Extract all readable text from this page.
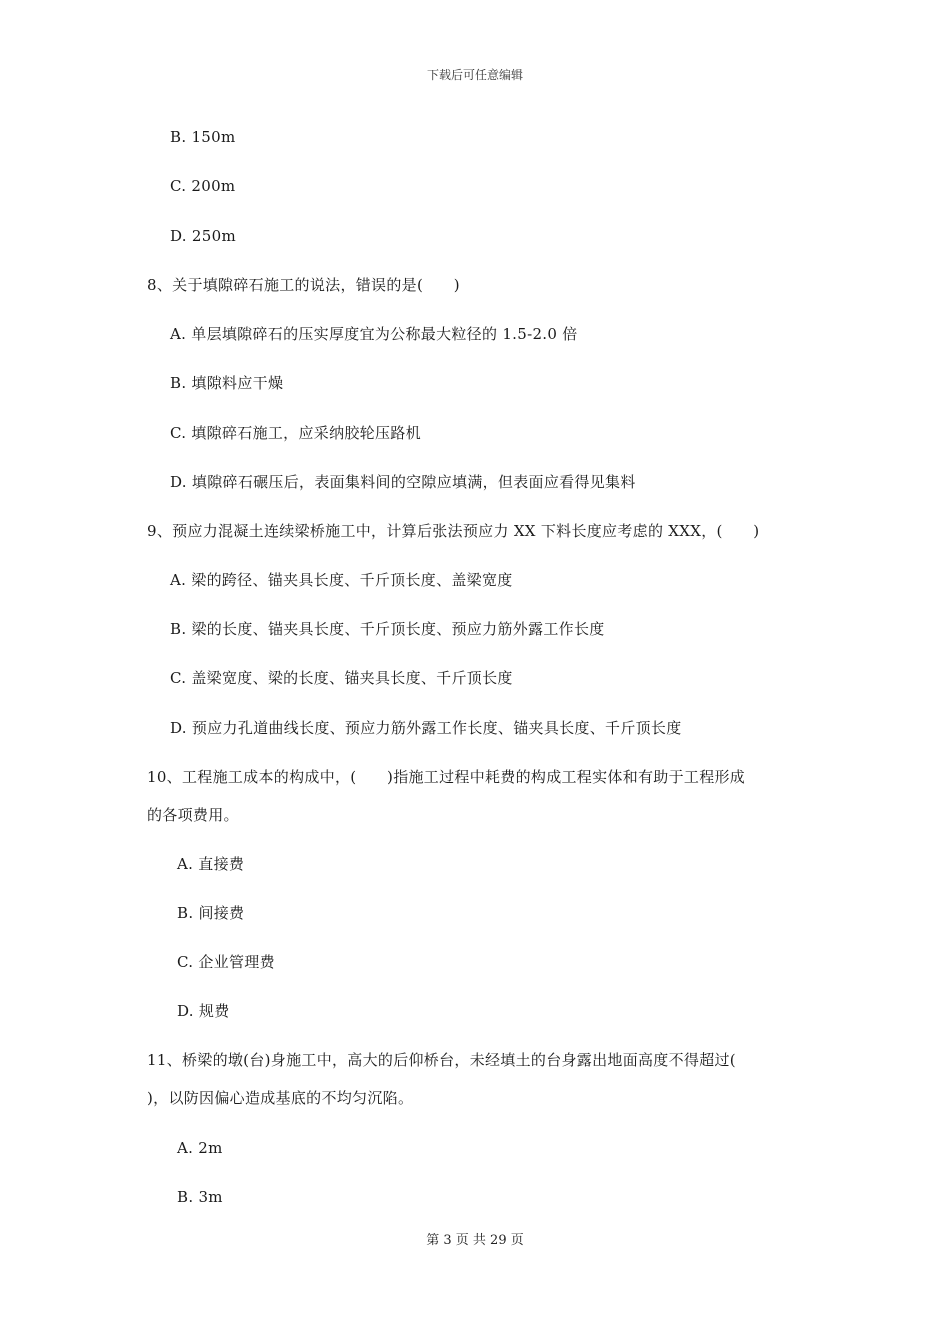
下载后可任意编辑
B. 150m
C. 200m
D. 250m
8、关于填隙碎石施工的说法，错误的是(　　)
A. 单层填隙碎石的压实厚度宜为公称最大粒径的 1.5-2.0 倍
B. 填隙料应干燥
C. 填隙碎石施工，应采纳胶轮压路机
D. 填隙碎石碾压后，表面集料间的空隙应填满，但表面应看得见集料
9、预应力混凝土连续梁桥施工中，计算后张法预应力 XX 下料长度应考虑的 XXX，(　　)
A. 梁的跨径、锚夹具长度、千斤顶长度、盖梁宽度
B. 梁的长度、锚夹具长度、千斤顶长度、预应力筋外露工作长度
C. 盖梁宽度、梁的长度、锚夹具长度、千斤顶长度
D. 预应力孔道曲线长度、预应力筋外露工作长度、锚夹具长度、千斤顶长度
10、工程施工成本的构成中，(　　)指施工过程中耗费的构成工程实体和有助于工程形成
的各项费用。
A. 直接费
B. 间接费
C. 企业管理费
D. 规费
11、桥梁的墩(台)身施工中，高大的后仰桥台，未经填土的台身露出地面高度不得超过(
)，以防因偏心造成基底的不均匀沉陷。
A. 2m
B. 3m
第 3 页 共 29 页
